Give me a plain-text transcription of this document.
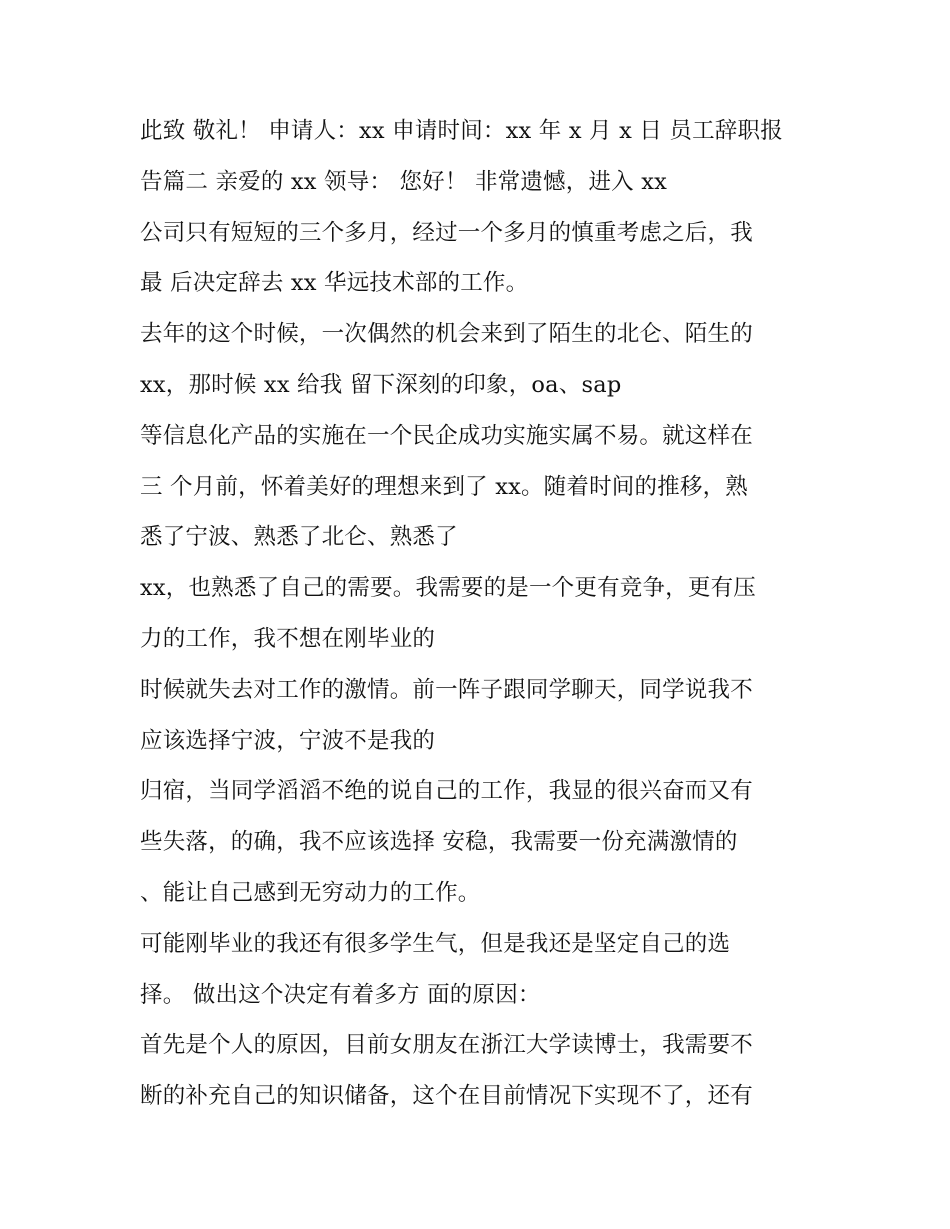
此致 敬礼！ 申请人：xx 申请时间：xx 年 x 月 x 日 员工辞职报
告篇二 亲爱的 xx 领导： 您好！ 非常遗憾，进入 xx
公司只有短短的三个多月，经过一个多月的慎重考虑之后，我
最 后决定辞去 xx 华远技术部的工作。
去年的这个时候，一次偶然的机会来到了陌生的北仑、陌生的
xx，那时候 xx 给我 留下深刻的印象，oa、sap
等信息化产品的实施在一个民企成功实施实属不易。就这样在
三 个月前，怀着美好的理想来到了 xx。随着时间的推移，熟
悉了宁波、熟悉了北仑、熟悉了
xx，也熟悉了自己的需要。我需要的是一个更有竞争，更有压
力的工作，我不想在刚毕业的
时候就失去对工作的激情。前一阵子跟同学聊天，同学说我不
应该选择宁波，宁波不是我的
归宿，当同学滔滔不绝的说自己的工作，我显的很兴奋而又有
些失落，的确，我不应该选择 安稳，我需要一份充满激情的
、能让自己感到无穷动力的工作。
可能刚毕业的我还有很多学生气，但是我还是坚定自己的选
择。 做出这个决定有着多方 面的原因：
首先是个人的原因，目前女朋友在浙江大学读博士，我需要不
断的补充自己的知识储备，这个在目前情况下实现不了，还有
